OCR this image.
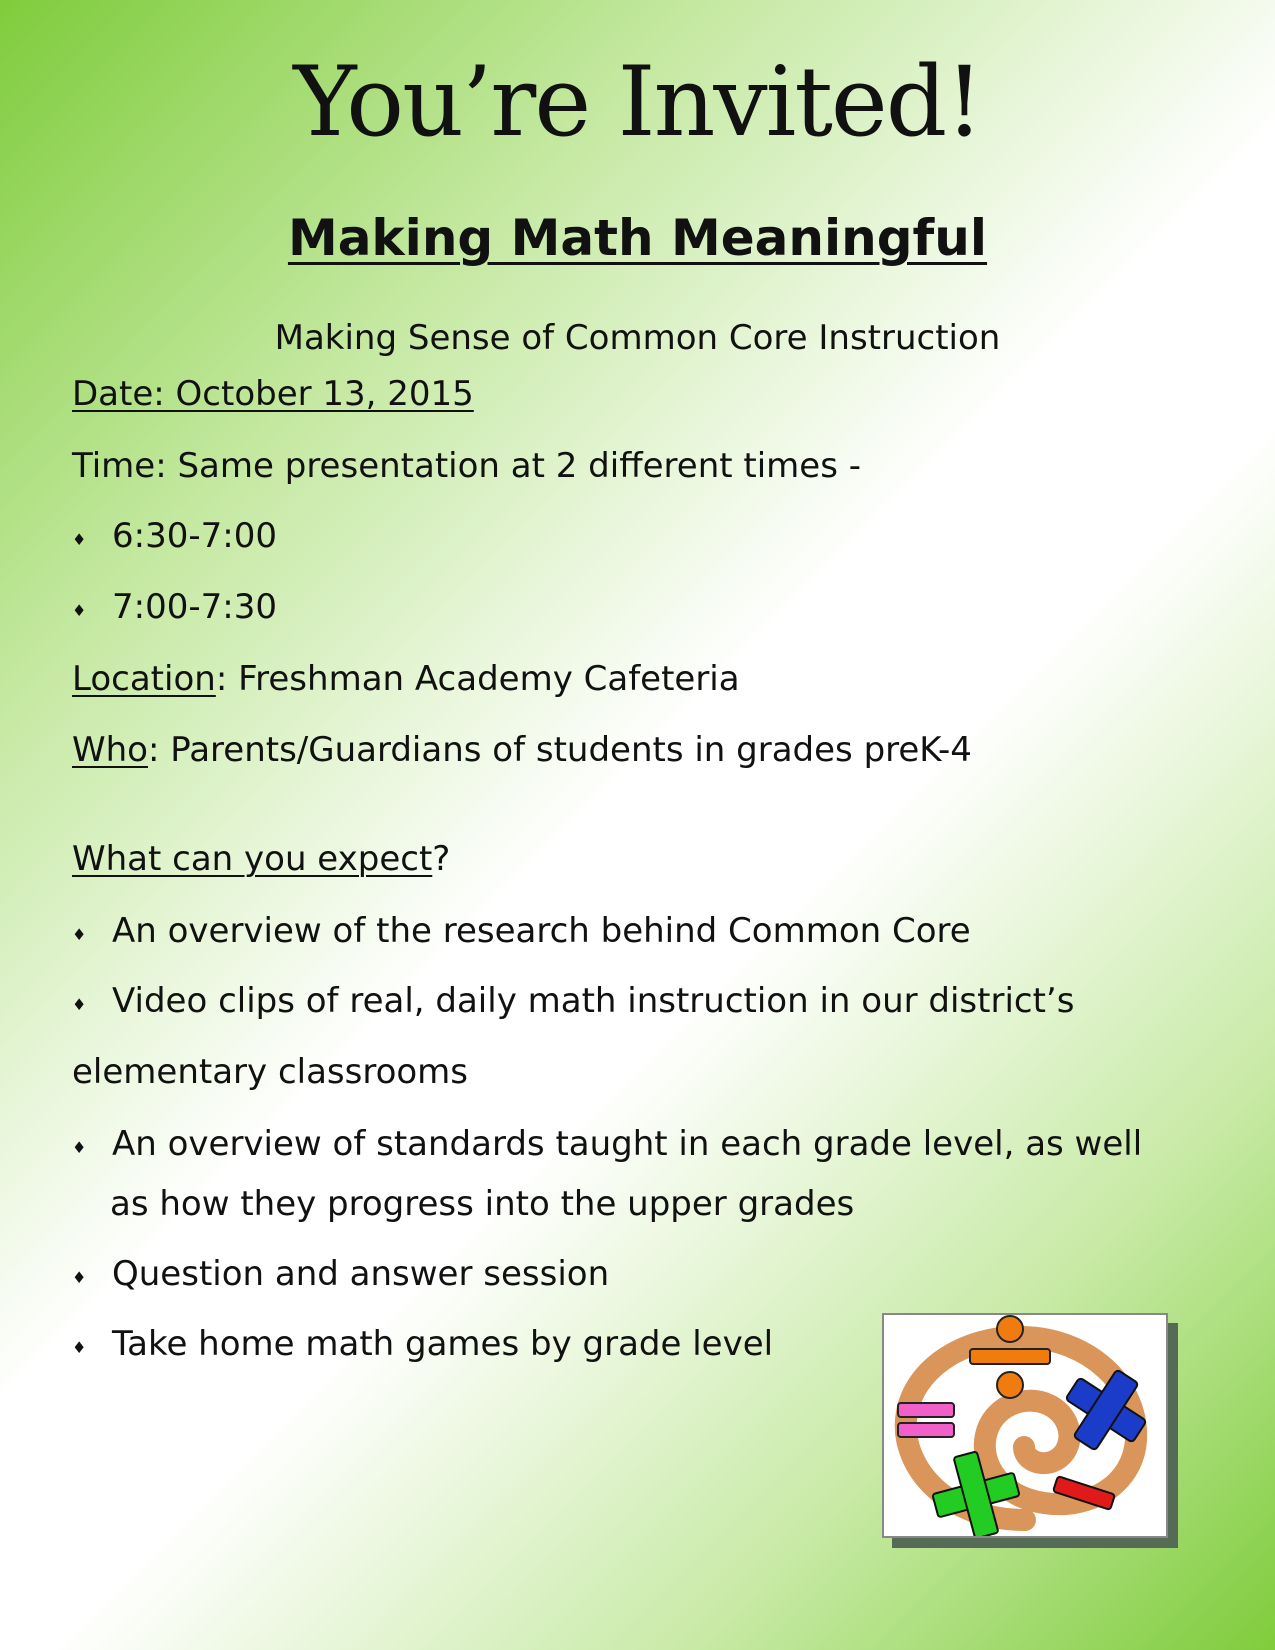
You’re Invited!
Making Math Meaningful
Making Sense of Common Core Instruction
Date: October 13, 2015
Time: Same presentation at 2 different times -
♦ 6:30-7:00
♦ 7:00-7:30
Location: Freshman Academy Cafeteria
Who: Parents/Guardians of students in grades preK-4
What can you expect?
♦ An overview of the research behind Common Core
♦ Video clips of real, daily math instruction in our district’s
elementary classrooms
♦ An overview of standards taught in each grade level, as well
as how they progress into the upper grades
♦ Question and answer session
♦ Take home math games by grade level
